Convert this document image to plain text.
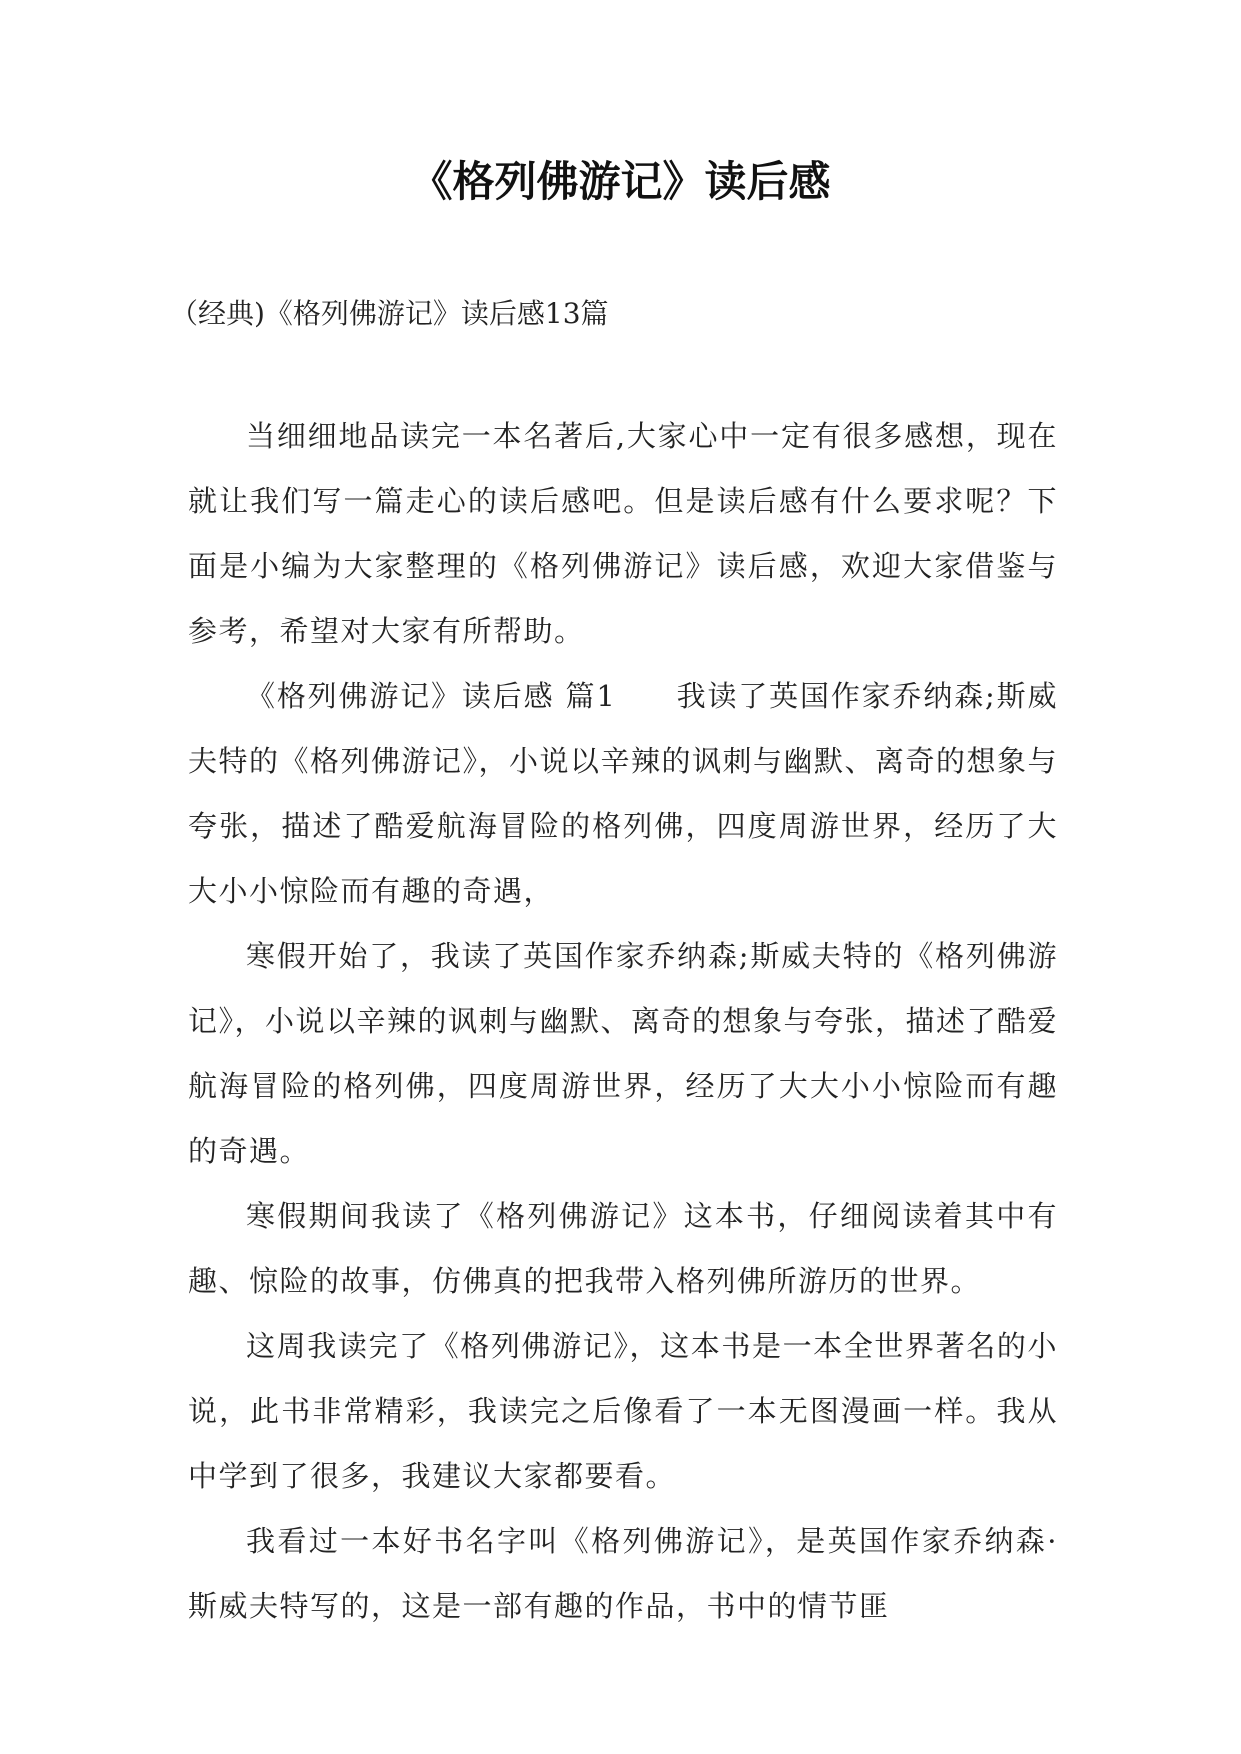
《格列佛游记》读后感

（经典)《格列佛游记》读后感13篇

当细细地品读完一本名著后,大家心中一定有很多感想，现在就让我们写一篇走心的读后感吧。但是读后感有什么要求呢？下面是小编为大家整理的《格列佛游记》读后感，欢迎大家借鉴与参考，希望对大家有所帮助。

《格列佛游记》读后感 篇1 我读了英国作家乔纳森;斯威夫特的《格列佛游记》，小说以辛辣的讽刺与幽默、离奇的想象与夸张，描述了酷爱航海冒险的格列佛，四度周游世界，经历了大大小小惊险而有趣的奇遇，

寒假开始了，我读了英国作家乔纳森;斯威夫特的《格列佛游记》，小说以辛辣的讽刺与幽默、离奇的想象与夸张，描述了酷爱航海冒险的格列佛，四度周游世界，经历了大大小小惊险而有趣的奇遇。

寒假期间我读了《格列佛游记》这本书，仔细阅读着其中有趣、惊险的故事，仿佛真的把我带入格列佛所游历的世界。

这周我读完了《格列佛游记》，这本书是一本全世界著名的小说，此书非常精彩，我读完之后像看了一本无图漫画一样。我从中学到了很多，我建议大家都要看。

我看过一本好书名字叫《格列佛游记》，是英国作家乔纳森·斯威夫特写的，这是一部有趣的作品，书中的情节匪
